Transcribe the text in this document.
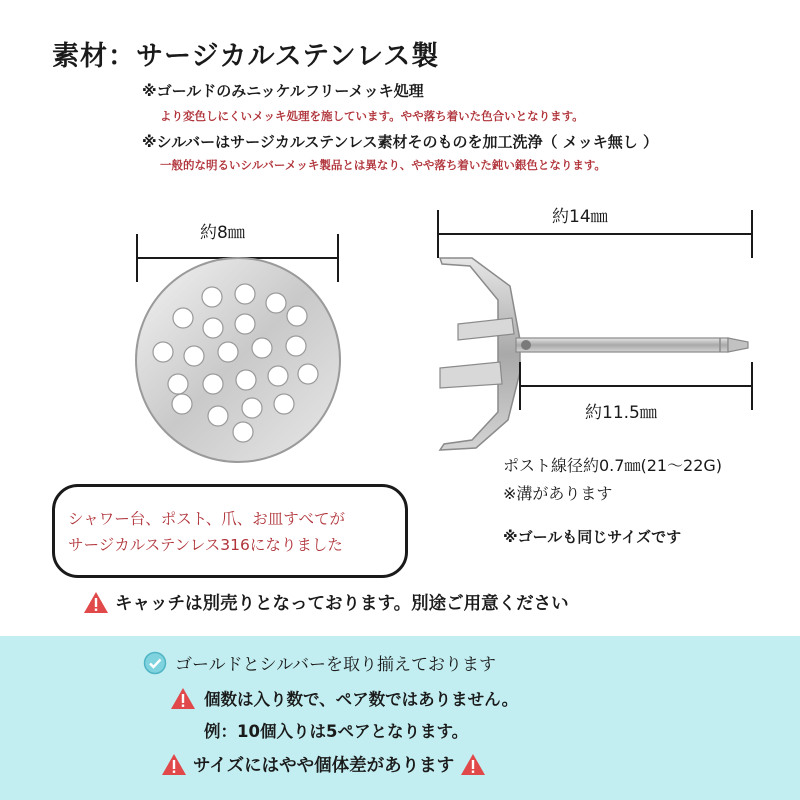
素材：サージカルステンレス製
※ゴールドのみニッケルフリーメッキ処理
より変色しにくいメッキ処理を施しています。やや落ち着いた色合いとなります。
※シルバーはサージカルステンレス素材そのものを加工洗浄（ メッキ無し ）
一般的な明るいシルバーメッキ製品とは異なり、やや落ち着いた鈍い銀色となります。
約8㎜
約14㎜
約11.5㎜
ポスト線径約0.7㎜(21〜22G)
※溝があります
※ゴールも同じサイズです
シャワー台、ポスト、爪、お皿すべてが
サージカルステンレス316になりました
キャッチは別売りとなっております。別途ご用意ください
ゴールドとシルバーを取り揃えております
個数は入り数で、ペア数ではありません。
例：10個入りは5ペアとなります。
サイズにはやや個体差があります
